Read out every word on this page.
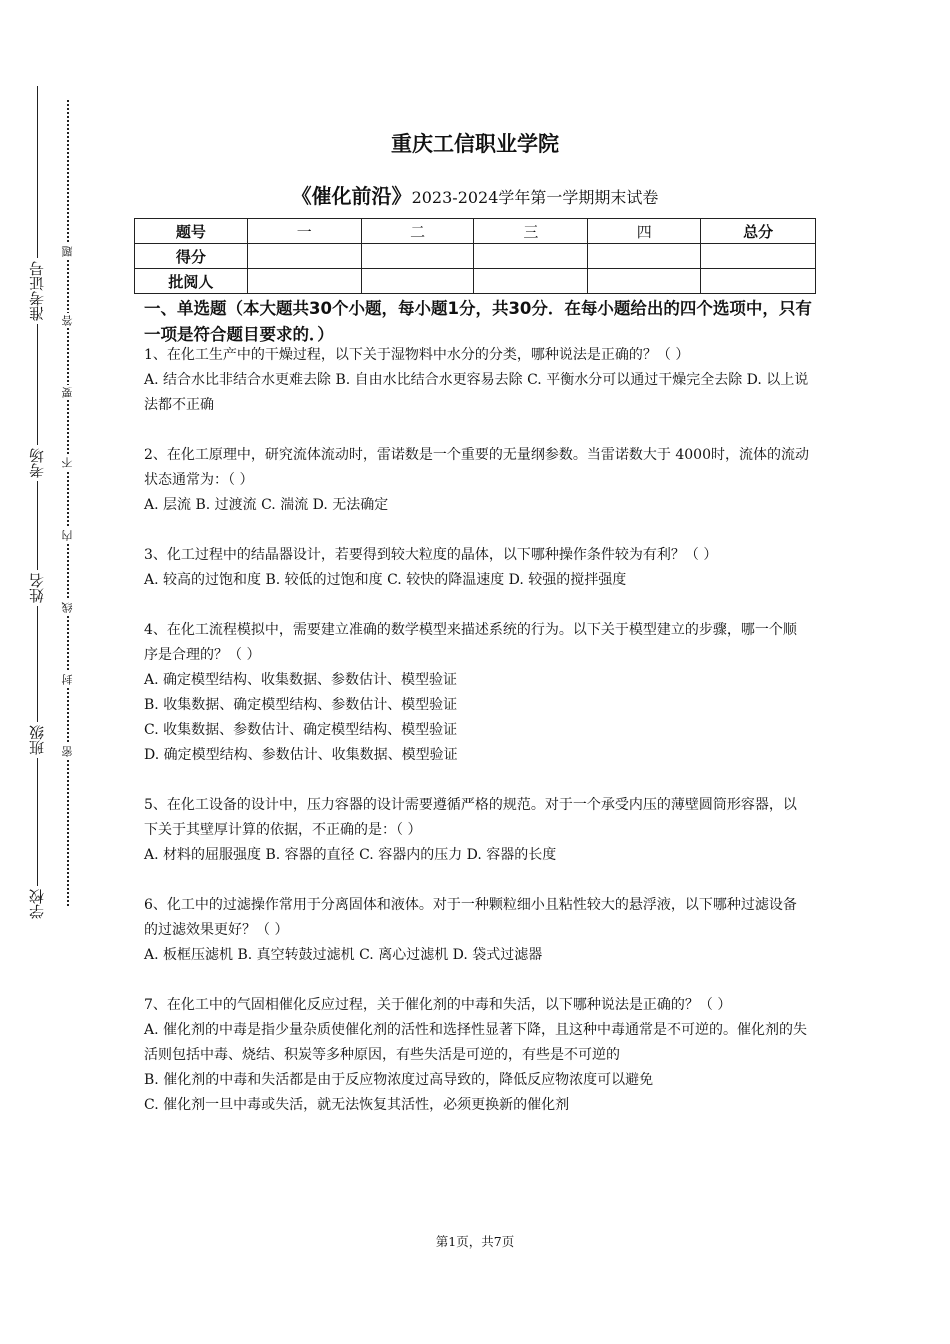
准考证号
考场
姓名
班级
学校
题
答
要
不
内
线
封
密
重庆工信职业学院
《催化前沿》2023-2024学年第一学期期末试卷
题号	一	二	三	四	总分
得分					
批阅人					
一、单选题（本大题共30个小题，每小题1分，共30分．在每小题给出的四个选项中，只有一项是符合题目要求的．）

1、在化工生产中的干燥过程，以下关于湿物料中水分的分类，哪种说法是正确的？（ ）

A. 结合水比非结合水更难去除 B. 自由水比结合水更容易去除 C. 平衡水分可以通过干燥完全去除 D. 以上说法都不正确

2、在化工原理中，研究流体流动时，雷诺数是一个重要的无量纲参数。当雷诺数大于 4000时，流体的流动状态通常为：（ ）

A. 层流 B. 过渡流 C. 湍流 D. 无法确定

3、化工过程中的结晶器设计，若要得到较大粒度的晶体，以下哪种操作条件较为有利？（ ）

A. 较高的过饱和度 B. 较低的过饱和度 C. 较快的降温速度 D. 较强的搅拌强度

4、在化工流程模拟中，需要建立准确的数学模型来描述系统的行为。以下关于模型建立的步骤，哪一个顺序是合理的？（ ）

A. 确定模型结构、收集数据、参数估计、模型验证

B. 收集数据、确定模型结构、参数估计、模型验证

C. 收集数据、参数估计、确定模型结构、模型验证

D. 确定模型结构、参数估计、收集数据、模型验证

5、在化工设备的设计中，压力容器的设计需要遵循严格的规范。对于一个承受内压的薄壁圆筒形容器，以下关于其壁厚计算的依据，不正确的是：（ ）

A. 材料的屈服强度 B. 容器的直径 C. 容器内的压力 D. 容器的长度

6、化工中的过滤操作常用于分离固体和液体。对于一种颗粒细小且粘性较大的悬浮液，以下哪种过滤设备的过滤效果更好？（ ）

A. 板框压滤机 B. 真空转鼓过滤机 C. 离心过滤机 D. 袋式过滤器

7、在化工中的气固相催化反应过程，关于催化剂的中毒和失活，以下哪种说法是正确的？（ ）

A. 催化剂的中毒是指少量杂质使催化剂的活性和选择性显著下降，且这种中毒通常是不可逆的。催化剂的失活则包括中毒、烧结、积炭等多种原因，有些失活是可逆的，有些是不可逆的

B. 催化剂的中毒和失活都是由于反应物浓度过高导致的，降低反应物浓度可以避免

C. 催化剂一旦中毒或失活，就无法恢复其活性，必须更换新的催化剂

第1页，共7页
